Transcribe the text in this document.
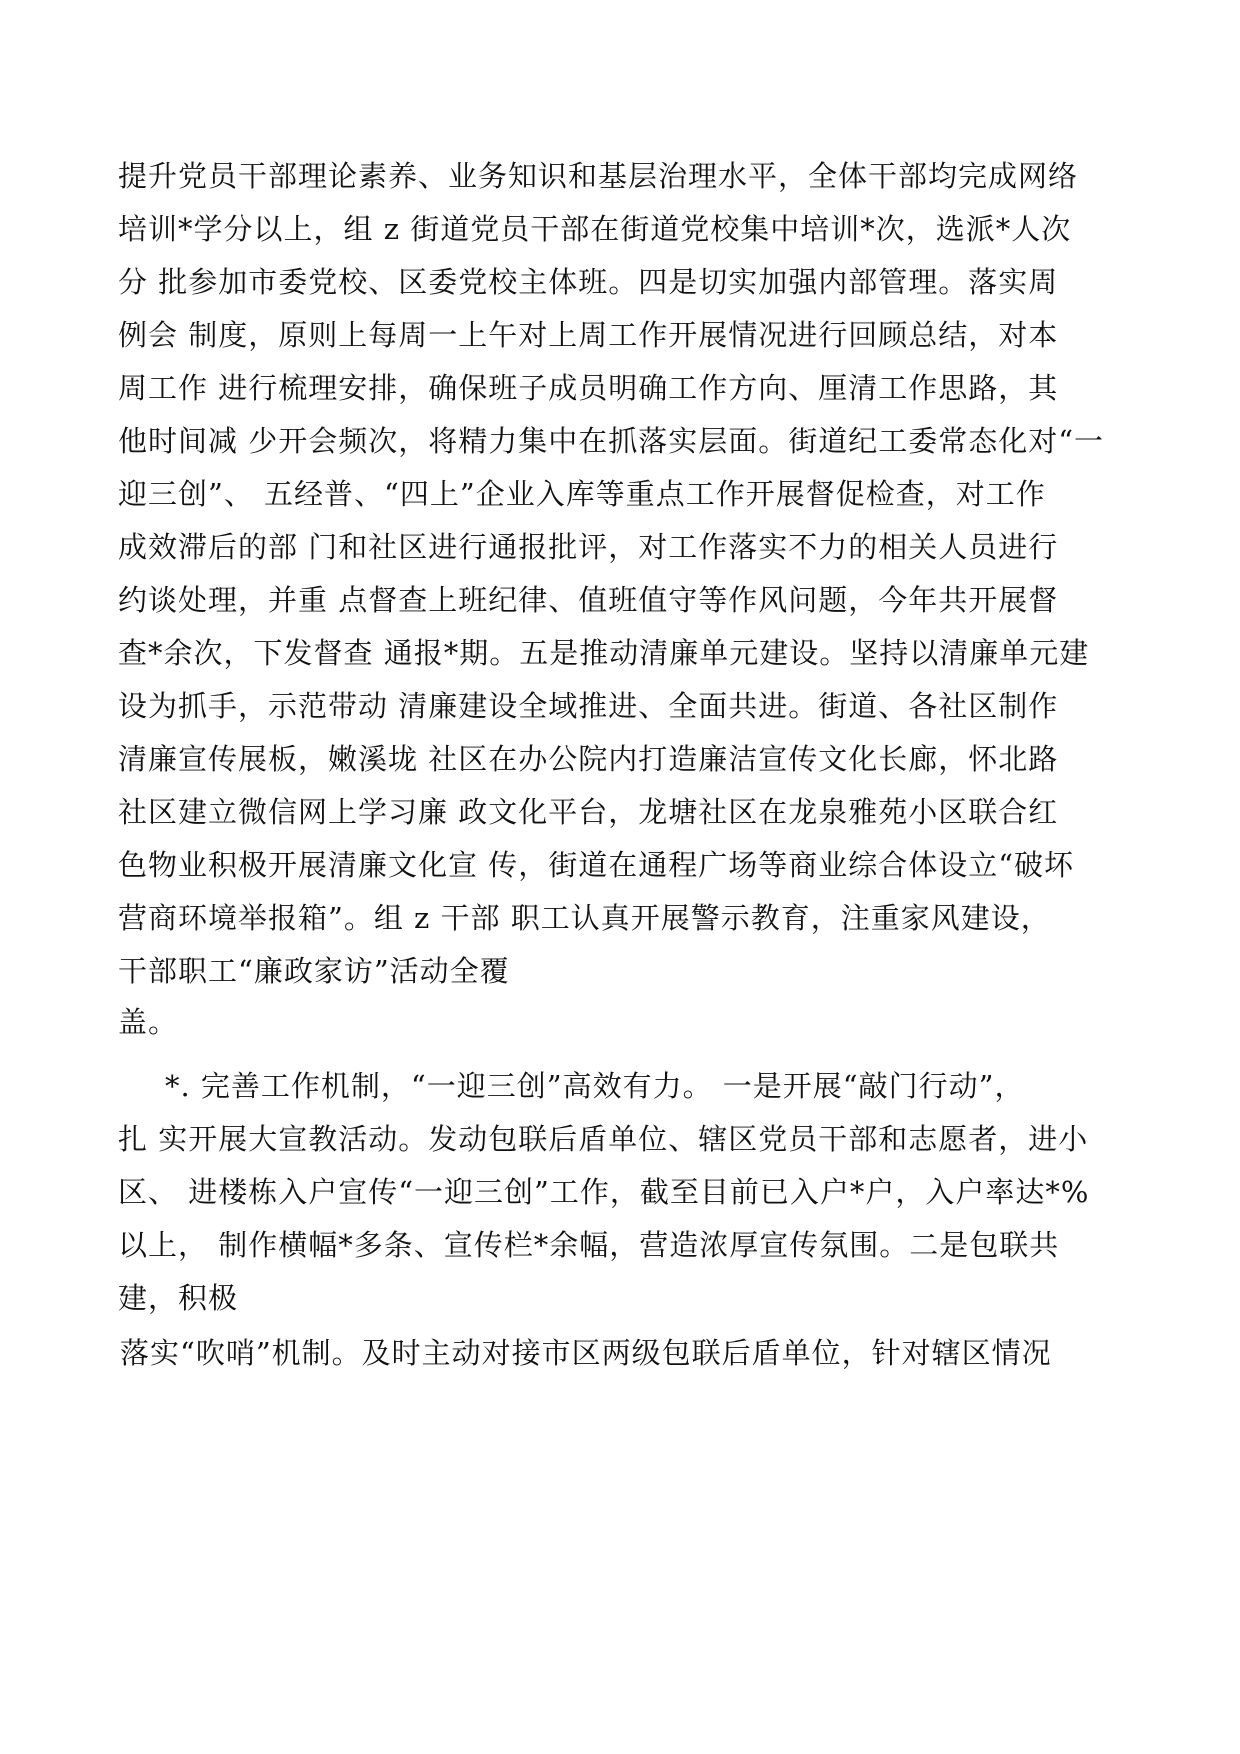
提升党员干部理论素养、业务知识和基层治理水平，全体干部均完成网络
培训*学分以上，组 z 街道党员干部在街道党校集中培训*次，选派*人次
分 批参加市委党校、区委党校主体班。四是切实加强内部管理。落实周
例会 制度，原则上每周一上午对上周工作开展情况进行回顾总结，对本
周工作 进行梳理安排，确保班子成员明确工作方向、厘清工作思路，其
他时间减 少开会频次，将精力集中在抓落实层面。街道纪工委常态化对“一
迎三创”、 五经普、“四上”企业入库等重点工作开展督促检查，对工作
成效滞后的部 门和社区进行通报批评，对工作落实不力的相关人员进行
约谈处理，并重 点督查上班纪律、值班值守等作风问题，今年共开展督
查*余次，下发督查 通报*期。五是推动清廉单元建设。坚持以清廉单元建
设为抓手，示范带动 清廉建设全域推进、全面共进。街道、各社区制作
清廉宣传展板，嫩溪垅 社区在办公院内打造廉洁宣传文化长廊，怀北路
社区建立微信网上学习廉 政文化平台，龙塘社区在龙泉雅苑小区联合红
色物业积极开展清廉文化宣 传，街道在通程广场等商业综合体设立“破坏
营商环境举报箱”。组 z 干部 职工认真开展警示教育，注重家风建设，
干部职工“廉政家访”活动全覆
盖。
*. 完善工作机制，“一迎三创”高效有力。 一是开展“敲门行动”，
扎 实开展大宣教活动。发动包联后盾单位、辖区党员干部和志愿者，进小
区、 进楼栋入户宣传“一迎三创”工作，截至目前已入户*户，入户率达*%
以上， 制作横幅*多条、宣传栏*余幅，营造浓厚宣传氛围。二是包联共
建，积极
落实“吹哨”机制。及时主动对接市区两级包联后盾单位，针对辖区情况
